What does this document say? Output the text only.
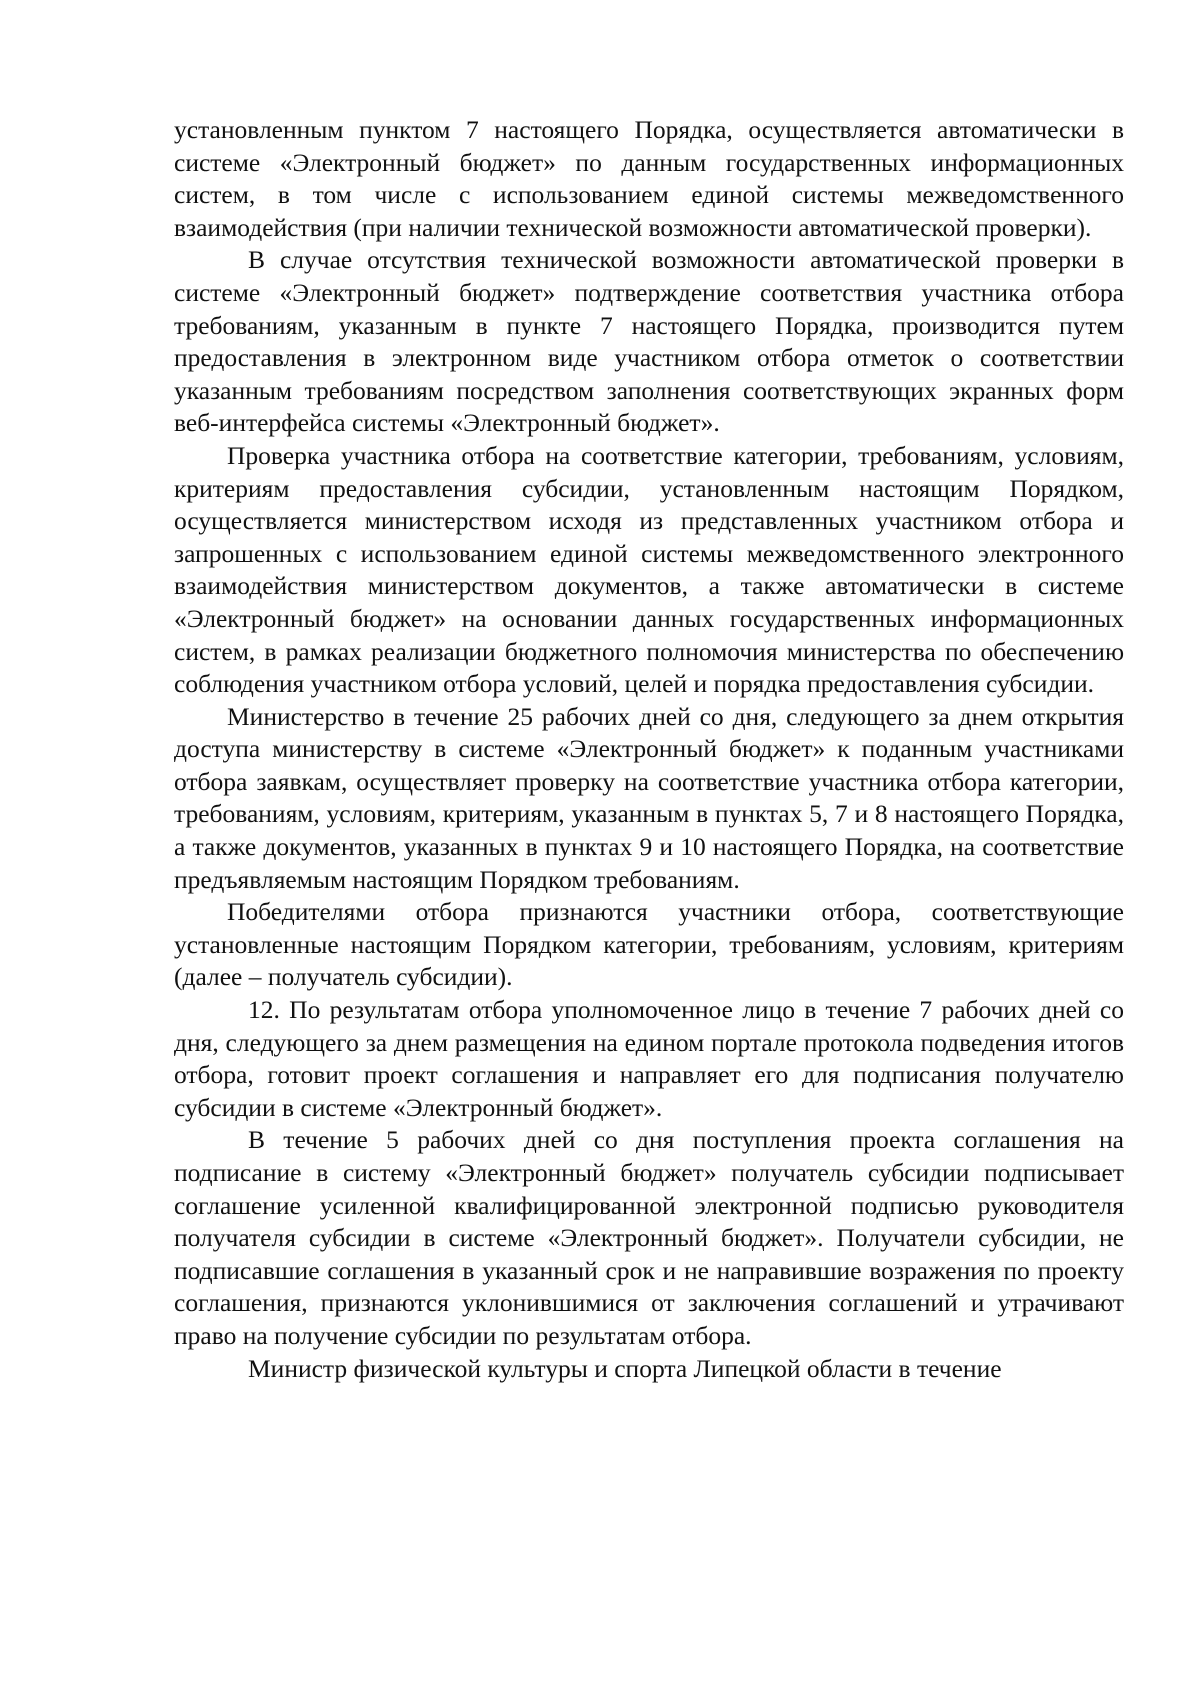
установленным пунктом 7 настоящего Порядка, осуществляется автоматически в системе «Электронный бюджет» по данным государственных информационных систем, в том числе с использованием единой системы межведомственного взаимодействия (при наличии технической возможности автоматической проверки).

В случае отсутствия технической возможности автоматической проверки в системе «Электронный бюджет» подтверждение соответствия участника отбора требованиям, указанным в пункте 7 настоящего Порядка, производится путем предоставления в электронном виде участником отбора отметок о соответствии указанным требованиям посредством заполнения соответствующих экранных форм веб-интерфейса системы «Электронный бюджет».

Проверка участника отбора на соответствие категории, требованиям, условиям, критериям предоставления субсидии, установленным настоящим Порядком, осуществляется министерством исходя из представленных участником отбора и запрошенных с использованием единой системы межведомственного электронного взаимодействия министерством документов, а также автоматически в системе «Электронный бюджет» на основании данных государственных информационных систем, в рамках реализации бюджетного полномочия министерства по обеспечению соблюдения участником отбора условий, целей и порядка предоставления субсидии.

Министерство в течение 25 рабочих дней со дня, следующего за днем открытия доступа министерству в системе «Электронный бюджет» к поданным участниками отбора заявкам, осуществляет проверку на соответствие участника отбора категории, требованиям, условиям, критериям, указанным в пунктах 5, 7 и 8 настоящего Порядка, а также документов, указанных в пунктах 9 и 10 настоящего Порядка, на соответствие предъявляемым настоящим Порядком требованиям.

Победителями отбора признаются участники отбора, соответствующие установленные настоящим Порядком категории, требованиям, условиям, критериям (далее – получатель субсидии).

12. По результатам отбора уполномоченное лицо в течение 7 рабочих дней со дня, следующего за днем размещения на едином портале протокола подведения итогов отбора, готовит проект соглашения и направляет его для подписания получателю субсидии в системе «Электронный бюджет».

В течение 5 рабочих дней со дня поступления проекта соглашения на подписание в систему «Электронный бюджет» получатель субсидии подписывает соглашение усиленной квалифицированной электронной подписью руководителя получателя субсидии в системе «Электронный бюджет». Получатели субсидии, не подписавшие соглашения в указанный срок и не направившие возражения по проекту соглашения, признаются уклонившимися от заключения соглашений и утрачивают право на получение субсидии по результатам отбора.

Министр физической культуры и спорта Липецкой области в течение
